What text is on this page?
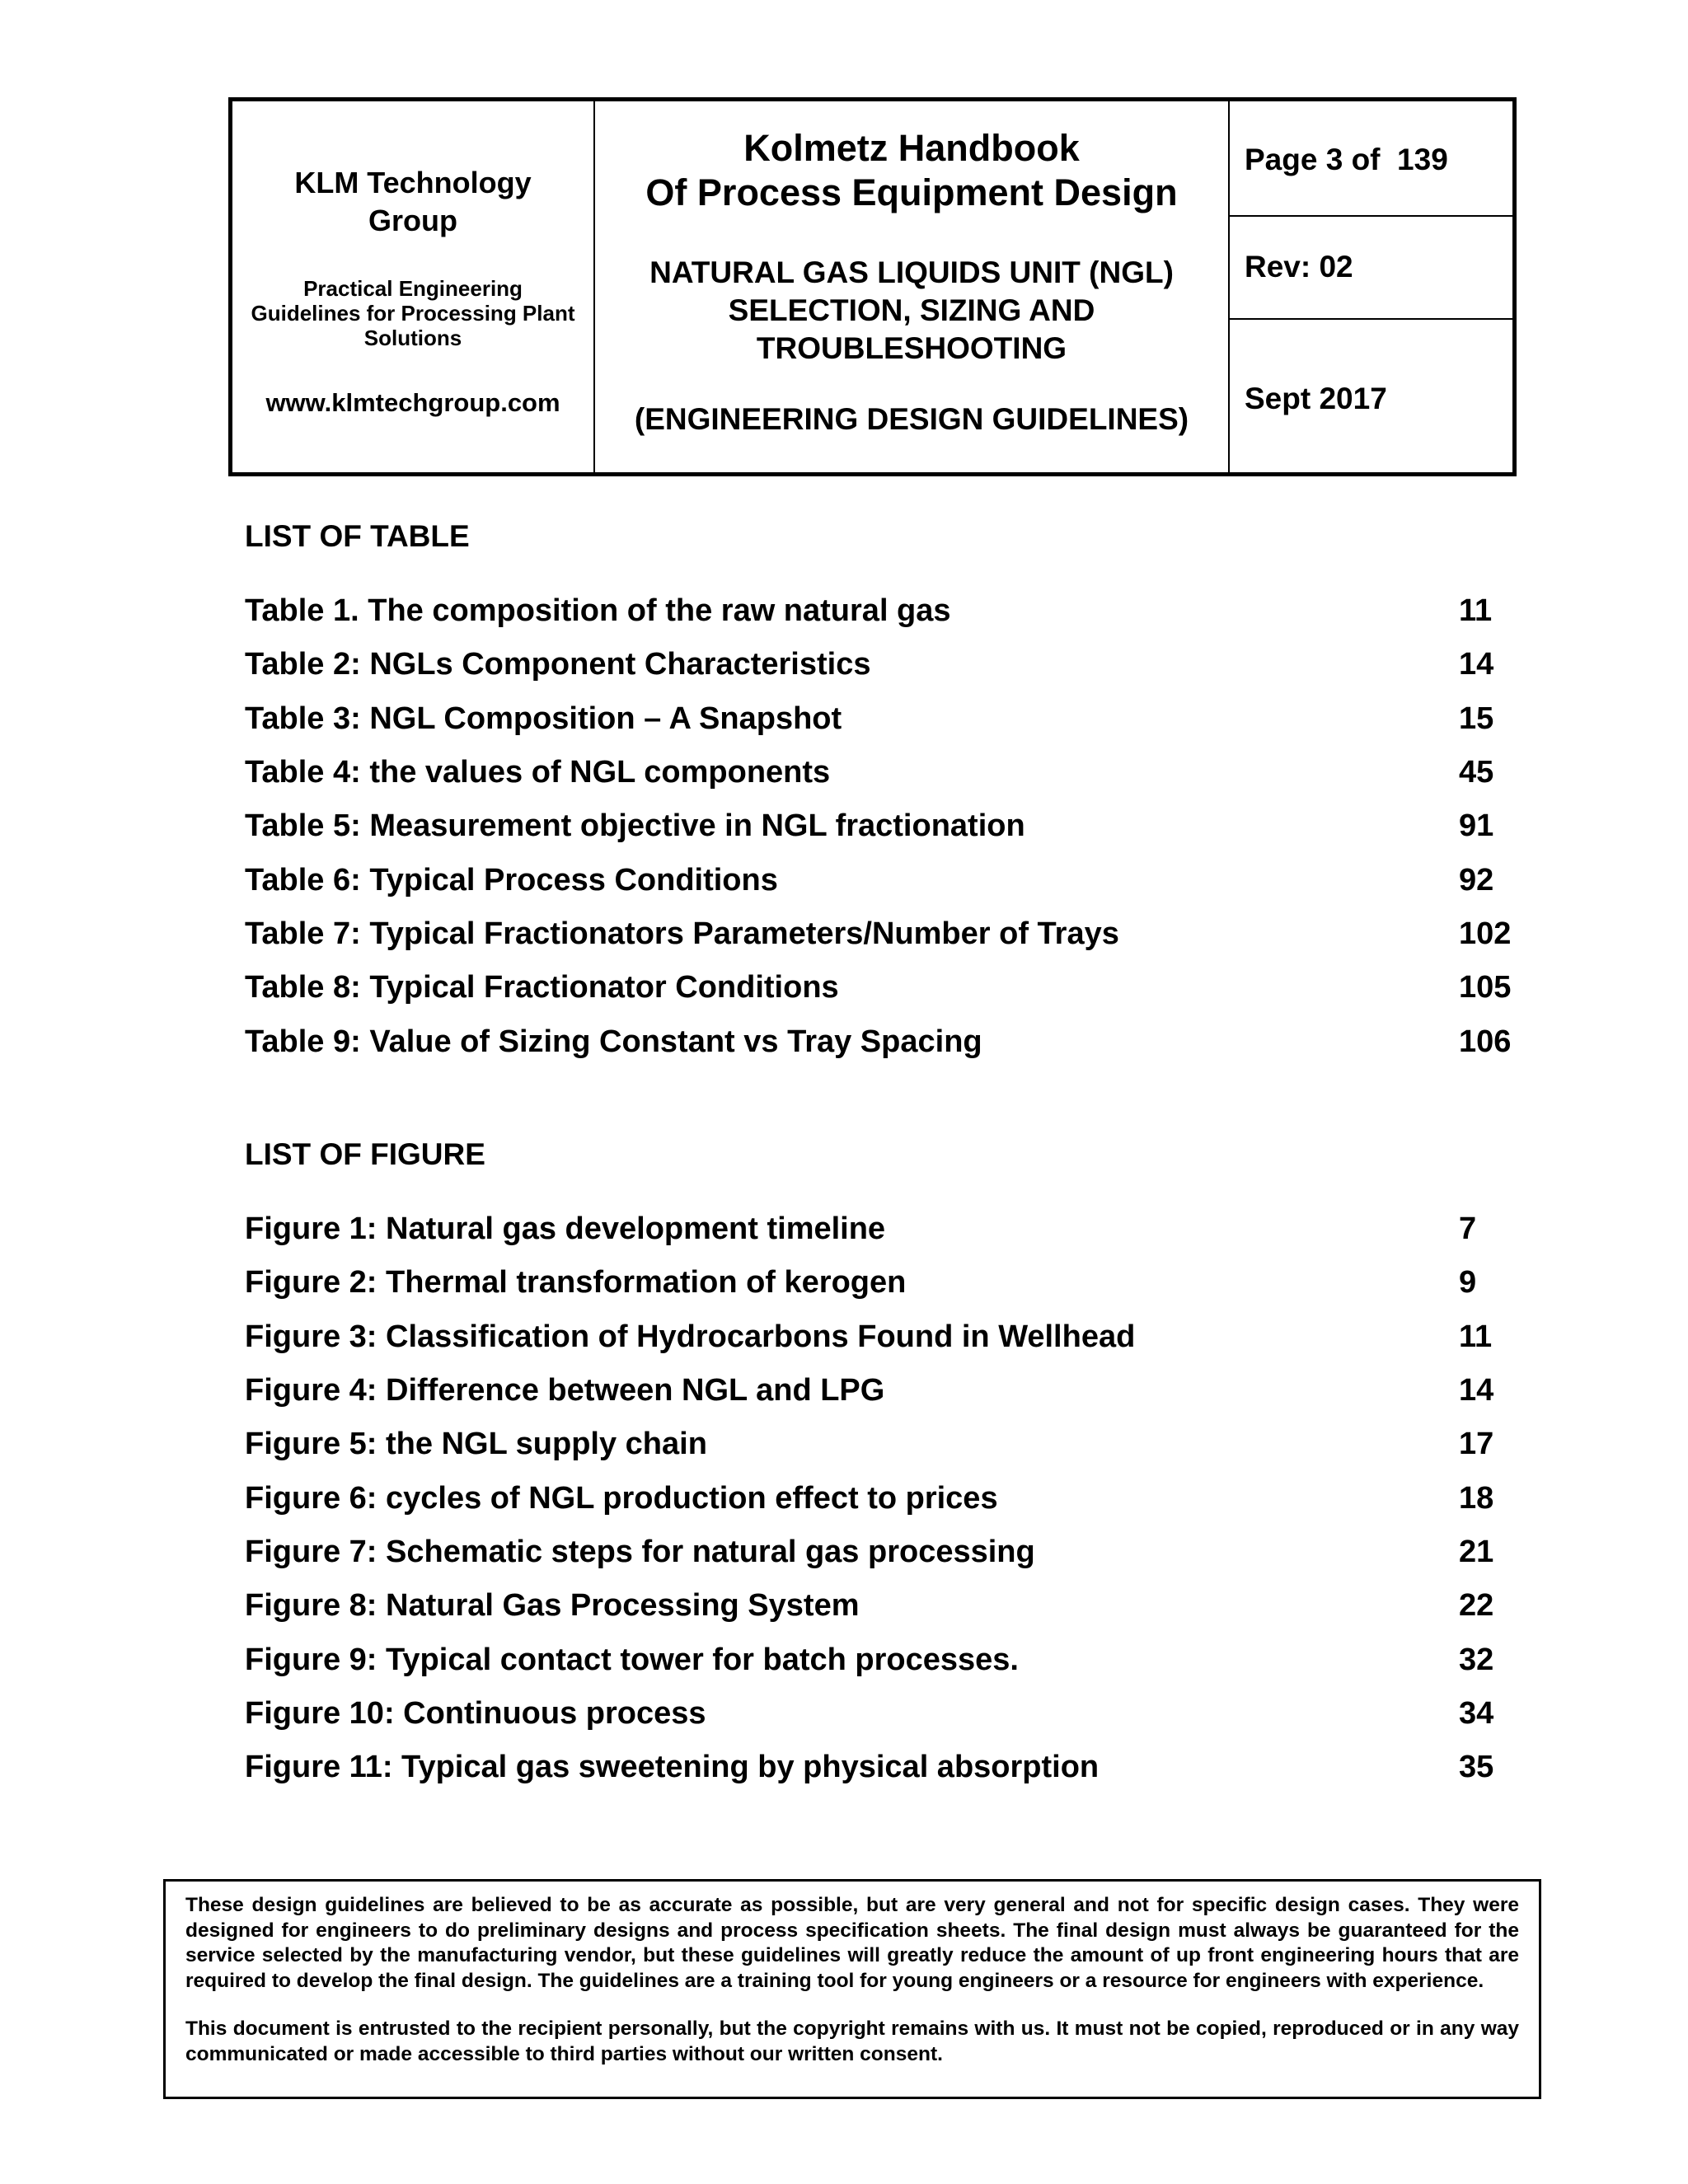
KLM Technology
Group
Practical Engineering
Guidelines for Processing Plant
Solutions
www.klmtechgroup.com
Kolmetz Handbook
Of Process Equipment Design
NATURAL GAS LIQUIDS UNIT (NGL)
SELECTION, SIZING AND
TROUBLESHOOTING
(ENGINEERING DESIGN GUIDELINES)
Page 3 of  139
Rev: 02
Sept 2017
LIST OF TABLE
Table 1. The composition of the raw natural gas	11
Table 2: NGLs Component Characteristics	14
Table 3: NGL Composition – A Snapshot	15
Table 4: the values of NGL components	45
Table 5: Measurement objective in NGL fractionation	91
Table 6: Typical Process Conditions	92
Table 7: Typical Fractionators Parameters/Number of Trays	102
Table 8: Typical Fractionator Conditions	105
Table 9: Value of Sizing Constant vs Tray Spacing	106
LIST OF FIGURE
Figure 1: Natural gas development timeline	7
Figure 2: Thermal transformation of kerogen	9
Figure 3: Classification of Hydrocarbons Found in Wellhead	11
Figure 4: Difference between NGL and LPG	14
Figure 5: the NGL supply chain	17
Figure 6: cycles of NGL production effect to prices	18
Figure 7: Schematic steps for natural gas processing	21
Figure 8: Natural Gas Processing System	22
Figure 9: Typical contact tower for batch processes.	32
Figure 10: Continuous process	34
Figure 11: Typical gas sweetening by physical absorption	35

These design guidelines are believed to be as accurate as possible, but are very general and not for specific design cases. They were designed for engineers to do preliminary designs and process specification sheets. The final design must always be guaranteed for the service selected by the manufacturing vendor, but these guidelines will greatly reduce the amount of up front engineering hours that are required to develop the final design. The guidelines are a training tool for young engineers or a resource for engineers with experience.

This document is entrusted to the recipient personally, but the copyright remains with us. It must not be copied, reproduced or in any way communicated or made accessible to third parties without our written consent.
